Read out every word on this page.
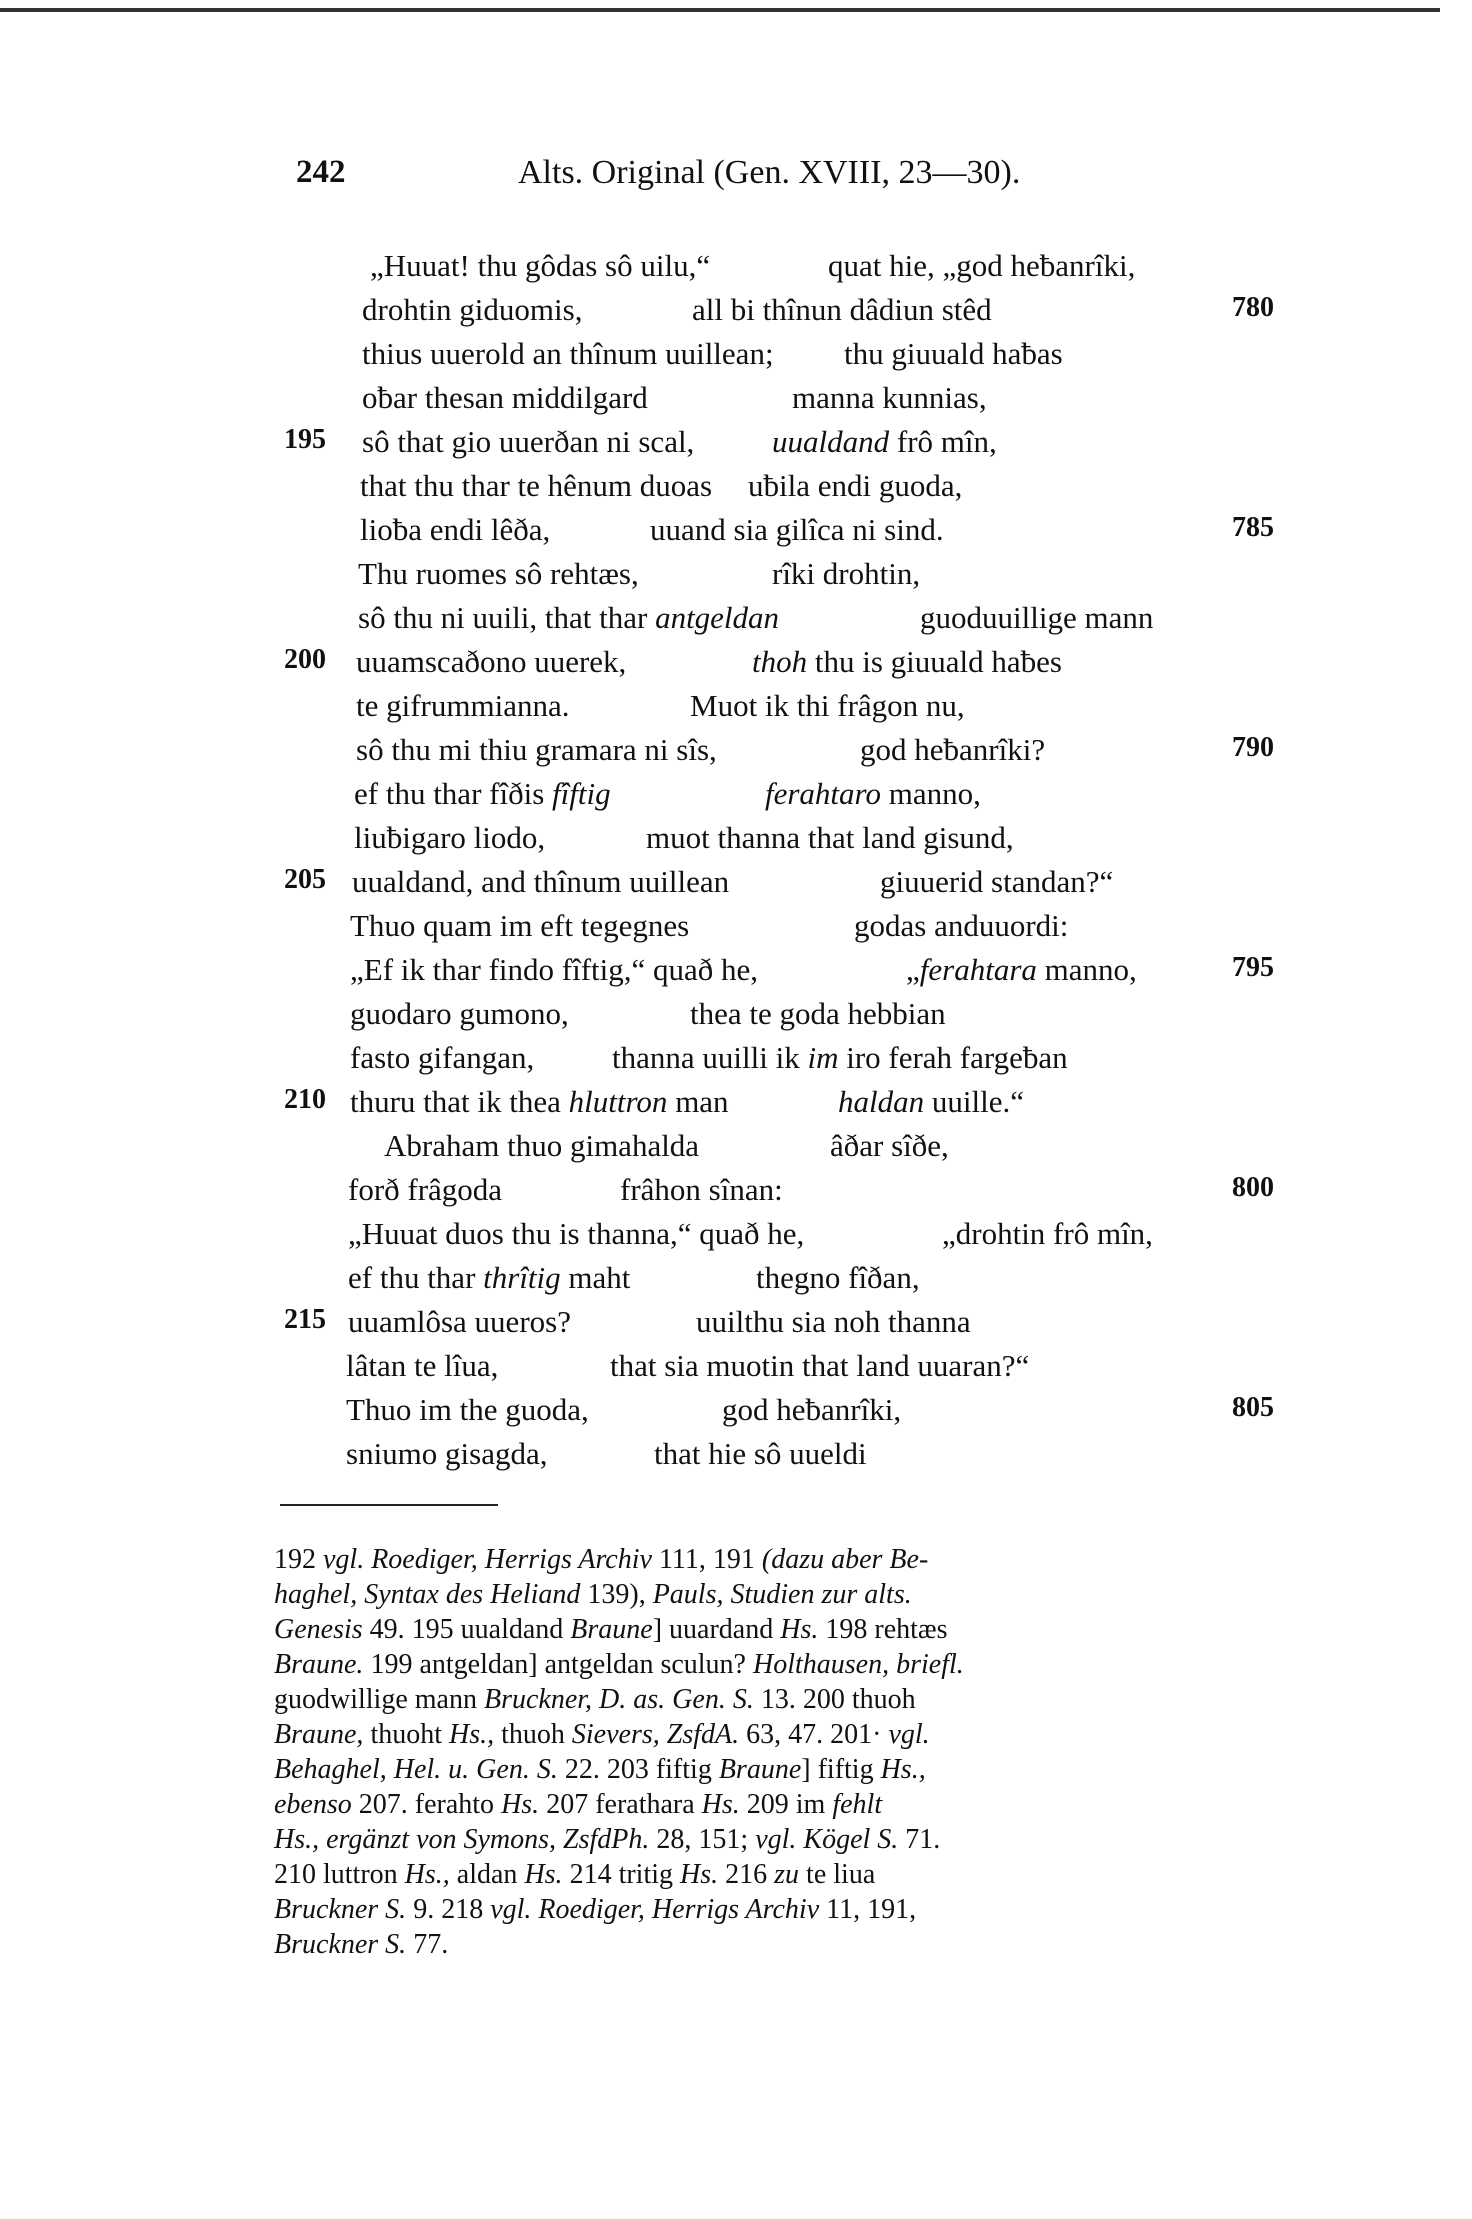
242	Alts. Original (Gen. XVIII, 23—30).
„Huuat! thu gôdas sô uilu,“	quat hie, „god heƀanrîki,
drohtin giduomis,	all bi thînun dâdiun stêd	780
thius uuerold an thînum uuillean; thu giuuald haƀas
oƀar thesan middilgard	manna kunnias,
195 sô that gio uuerðan ni scal,	uualdand frô mîn,
that thu thar te hênum duoas uƀila endi guoda,
lioƀa endi lêða,	uuand sia gilîca ni sind.	785
Thu ruomes sô rehtæs,	rîki drohtin,
sô thu ni uuili, that thar antgeldan	guoduuillige mann
200 uuamscaðono uuerek,	thoh thu is giuuald haƀes
te gifrummianna.	Muot ik thi frâgon nu,
sô thu mi thiu gramara ni sîs,	god heƀanrîki?	790
ef thu thar fîðis fîftig	ferahtaro manno,
liuƀigaro liodo,	muot thanna that land gisund,
205 uualdand, and thînum uuillean	giuuerid standan?“
Thuo quam im eft tegegnes	godas anduuordi:
„Ef ik thar findo fîftig,“ quað he,	„ferahtara manno,	795
guodaro gumono,	thea te goda hebbian
fasto gifangan,	thanna uuilli ik im iro ferah fargeƀan
210 thuru that ik thea hluttron man	haldan uuille.“
Abraham thuo gimahalda	âðar sîðe,
forð frâgoda	frâhon sînan:	800
„Huuat duos thu is thanna,“ quað he,	„drohtin frô mîn,
ef thu thar thrîtig maht	thegno fîðan,
215 uuamlôsa uueros?	uuilthu sia noh thanna
lâtan te lîua,	that sia muotin that land uuaran?“
Thuo im the guoda,	god heƀanrîki,	805
sniumo gisagda,	that hie sô uueldi
192 vgl. Roediger, Herrigs Archiv 111, 191 (dazu aber Be-
haghel, Syntax des Heliand 139), Pauls, Studien zur alts.
Genesis 49. 195 uualdand Braune] uuardand Hs. 198 rehtæs
Braune. 199 antgeldan] antgeldan sculun? Holthausen, briefl.
guodwillige mann Bruckner, D. as. Gen. S. 13. 200 thuoh
Braune, thuoht Hs., thuoh Sievers, ZsfdA. 63, 47. 201· vgl.
Behaghel, Hel. u. Gen. S. 22. 203 fiftig Braune] fiftig Hs.,
ebenso 207. ferahto Hs. 207 ferathara Hs. 209 im fehlt
Hs., ergänzt von Symons, ZsfdPh. 28, 151; vgl. Kögel S. 71.
210 luttron Hs., aldan Hs. 214 tritig Hs. 216 zu te liua
Bruckner S. 9. 218 vgl. Roediger, Herrigs Archiv 11, 191,
Bruckner S. 77.
